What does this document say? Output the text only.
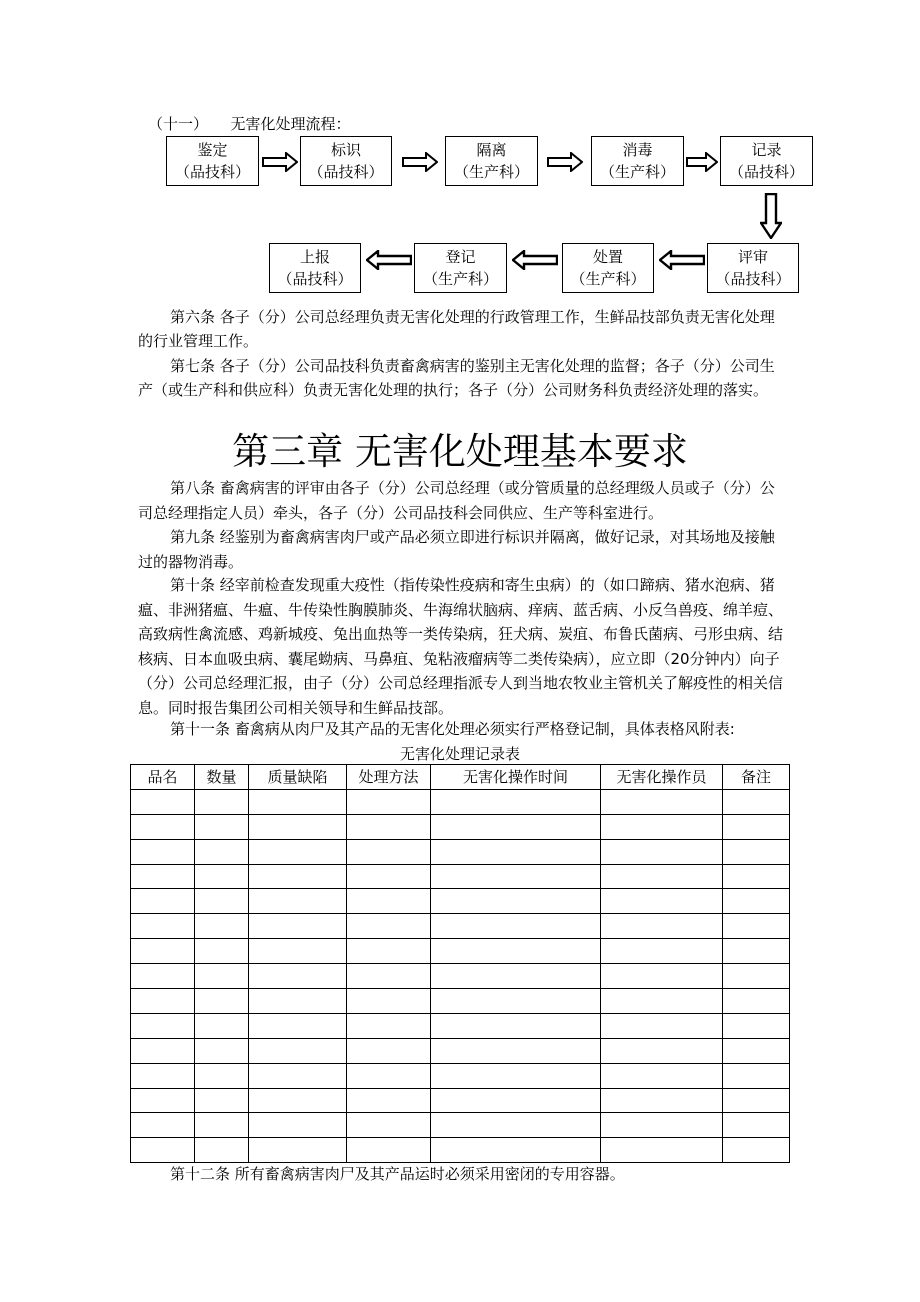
（十一）　　无害化处理流程：
鉴定
（品技科）
标识
（品技科）
隔离
（生产科）
消毒
（生产科）
记录
（品技科）
评审
（品技科）
处置
（生产科）
登记
（生产科）
上报
（品技科）

第六条 各子（分）公司总经理负责无害化处理的行政管理工作，生鲜品技部负责无害化处理的行业管理工作。

第七条 各子（分）公司品技科负责畜禽病害的鉴别主无害化处理的监督；各子（分）公司生产（或生产科和供应科）负责无害化处理的执行；各子（分）公司财务科负责经济处理的落实。

第三章 无害化处理基本要求

第八条 畜禽病害的评审由各子（分）公司总经理（或分管质量的总经理级人员或子（分）公司总经理指定人员）牵头，各子（分）公司品技科会同供应、生产等科室进行。

第九条 经鉴别为畜禽病害肉尸或产品必须立即进行标识并隔离，做好记录，对其场地及接触过的器物消毒。

第十条 经宰前检查发现重大疫性（指传染性疫病和寄生虫病）的（如口蹄病、猪水泡病、猪瘟、非洲猪瘟、牛瘟、牛传染性胸膜肺炎、牛海绵状脑病、痒病、蓝舌病、小反刍兽疫、绵羊痘、高致病性禽流感、鸡新城疫、兔出血热等一类传染病，狂犬病、炭疽、布鲁氏菌病、弓形虫病、结核病、日本血吸虫病、囊尾蚴病、马鼻疽、兔粘液瘤病等二类传染病），应立即（20分钟内）向子（分）公司总经理汇报，由子（分）公司总经理指派专人到当地农牧业主管机关了解疫性的相关信息。同时报告集团公司相关领导和生鲜品技部。

第十一条 畜禽病从肉尸及其产品的无害化处理必须实行严格登记制，具体表格风附表:

无害化处理记录表
品名	数量	质量缺陷	处理方法	无害化操作时间	无害化操作员	备注

第十二条 所有畜禽病害肉尸及其产品运时必须采用密闭的专用容器。
